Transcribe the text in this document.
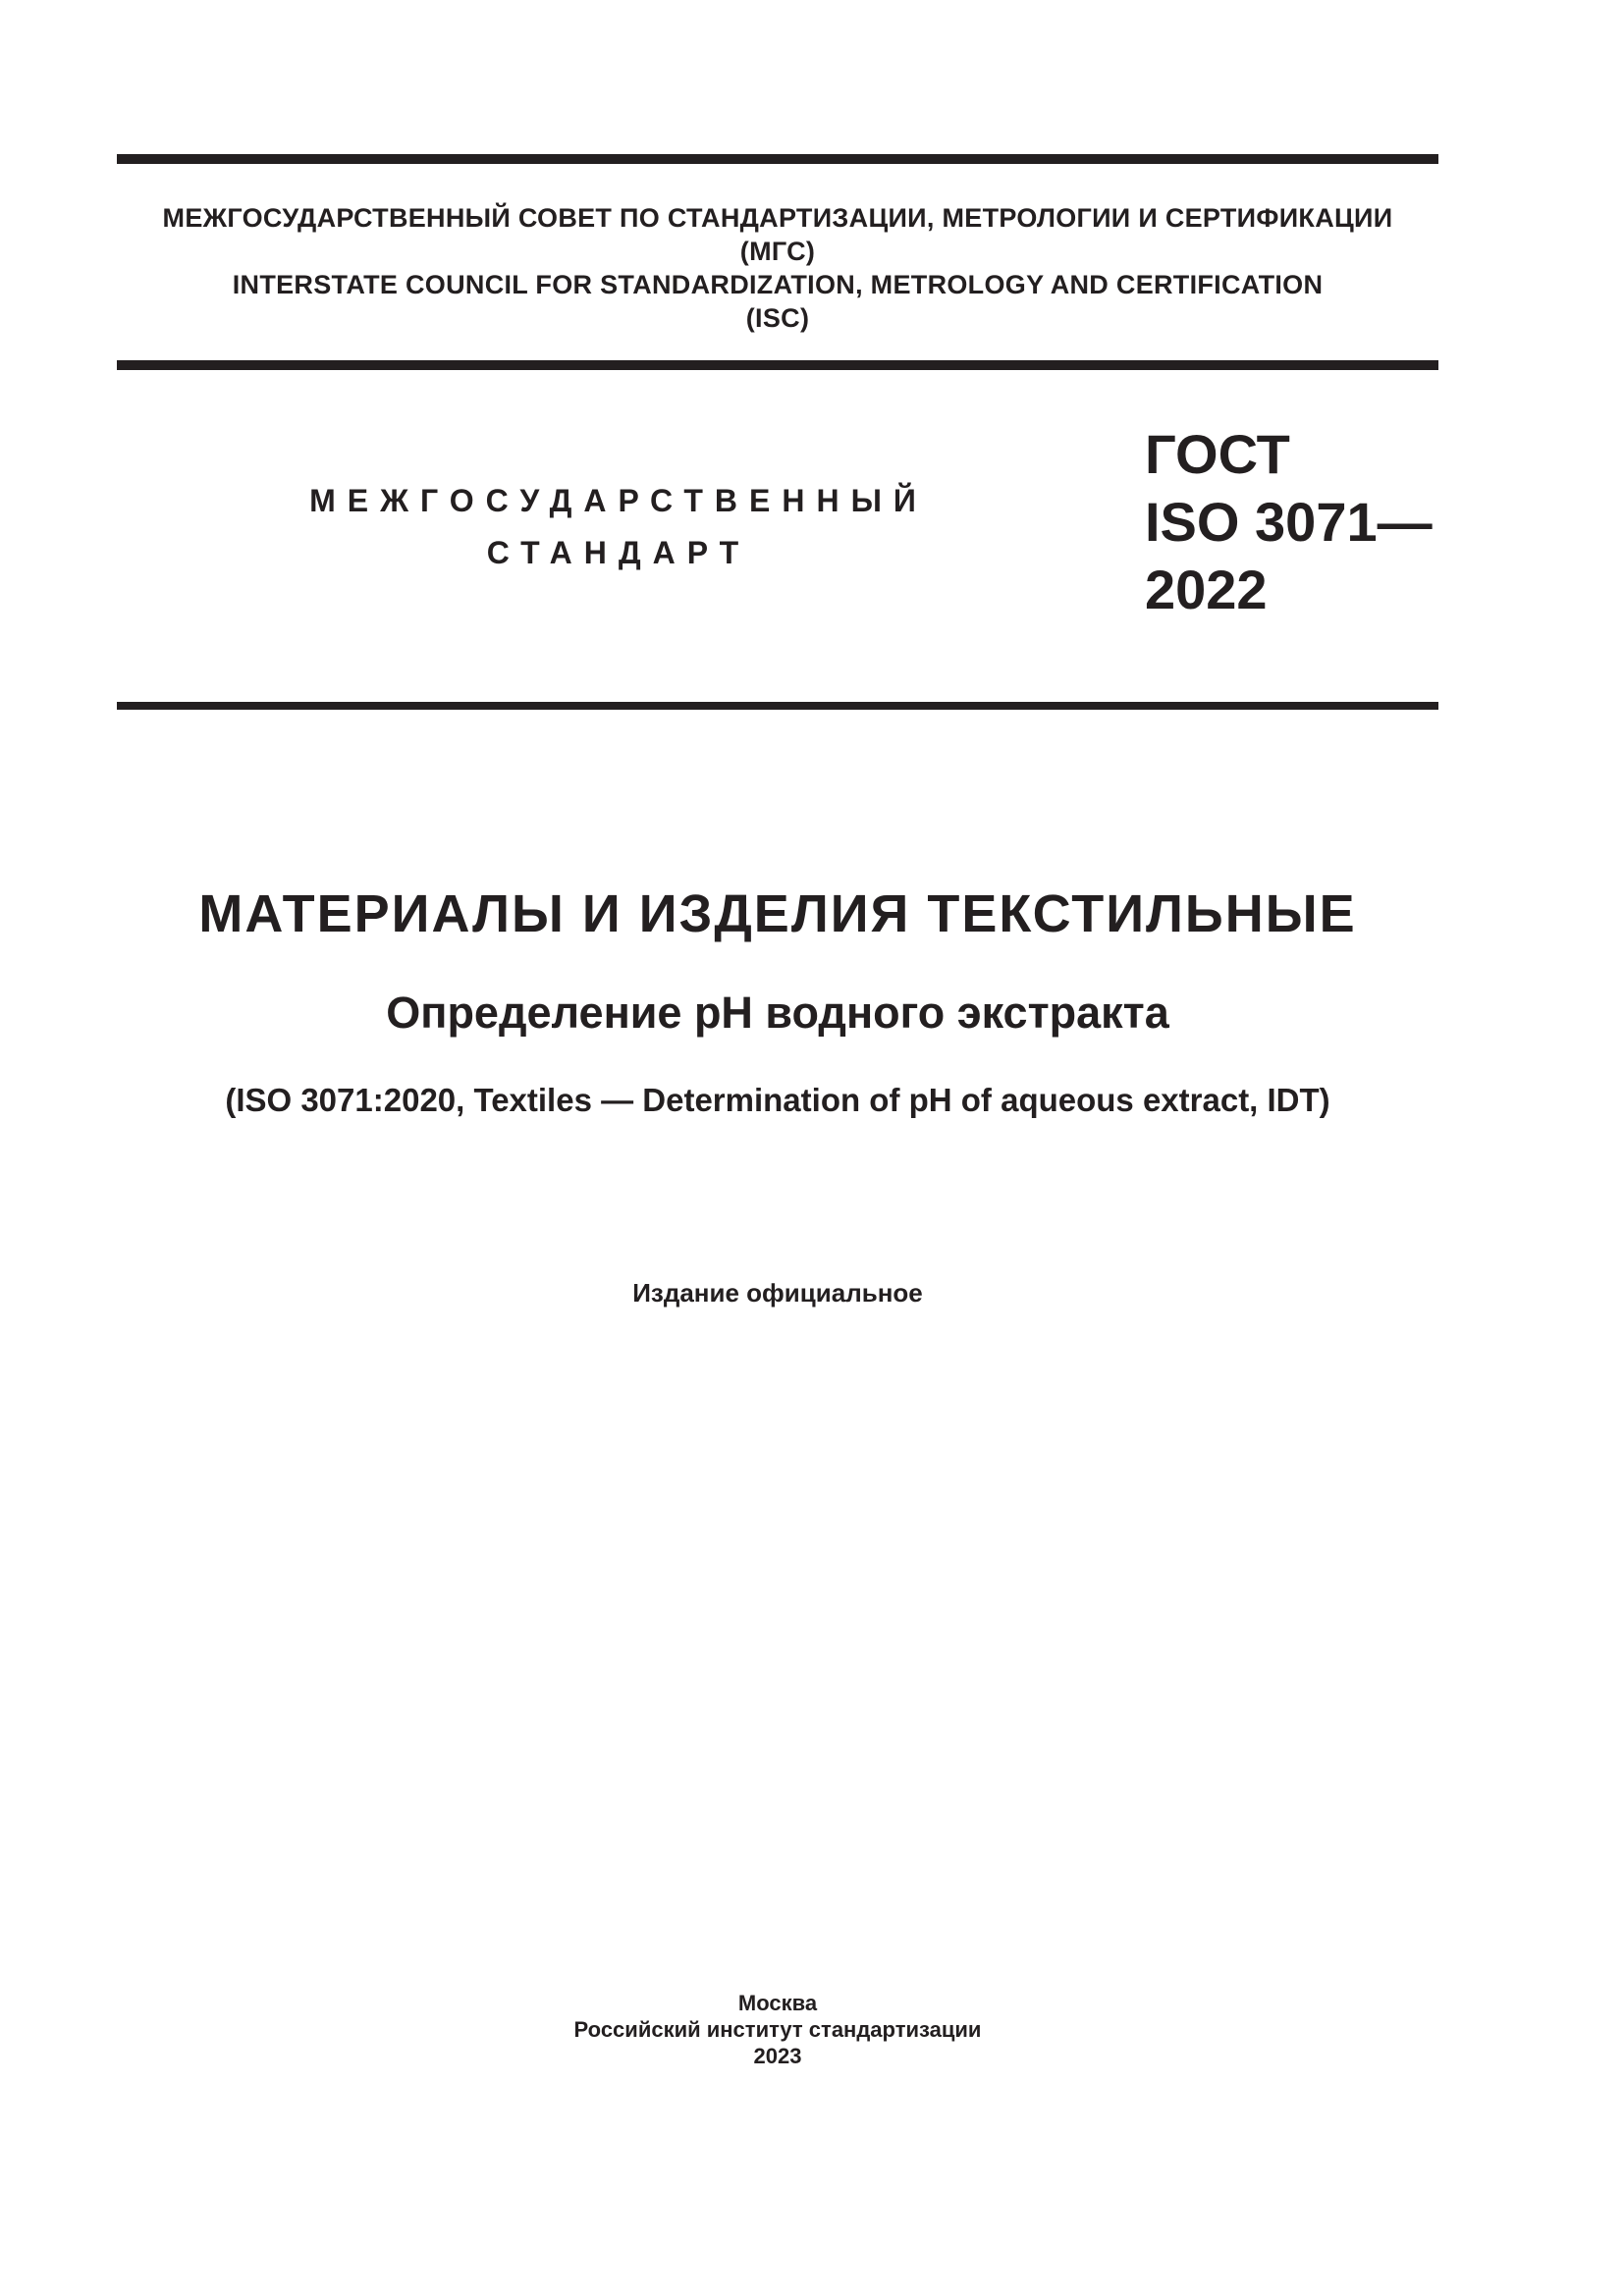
МЕЖГОСУДАРСТВЕННЫЙ СОВЕТ ПО СТАНДАРТИЗАЦИИ, МЕТРОЛОГИИ И СЕРТИФИКАЦИИ
(МГС)
INTERSTATE COUNCIL FOR STANDARDIZATION, METROLOGY AND CERTIFICATION
(ISC)
МЕЖГОСУДАРСТВЕННЫЙ
СТАНДАРТ
ГОСТ
ISO 3071—
2022
МАТЕРИАЛЫ И ИЗДЕЛИЯ ТЕКСТИЛЬНЫЕ
Определение рН водного экстракта
(ISO 3071:2020, Textiles — Determination of pH of aqueous extract, IDT)
Издание официальное
Москва
Российский институт стандартизации
2023
